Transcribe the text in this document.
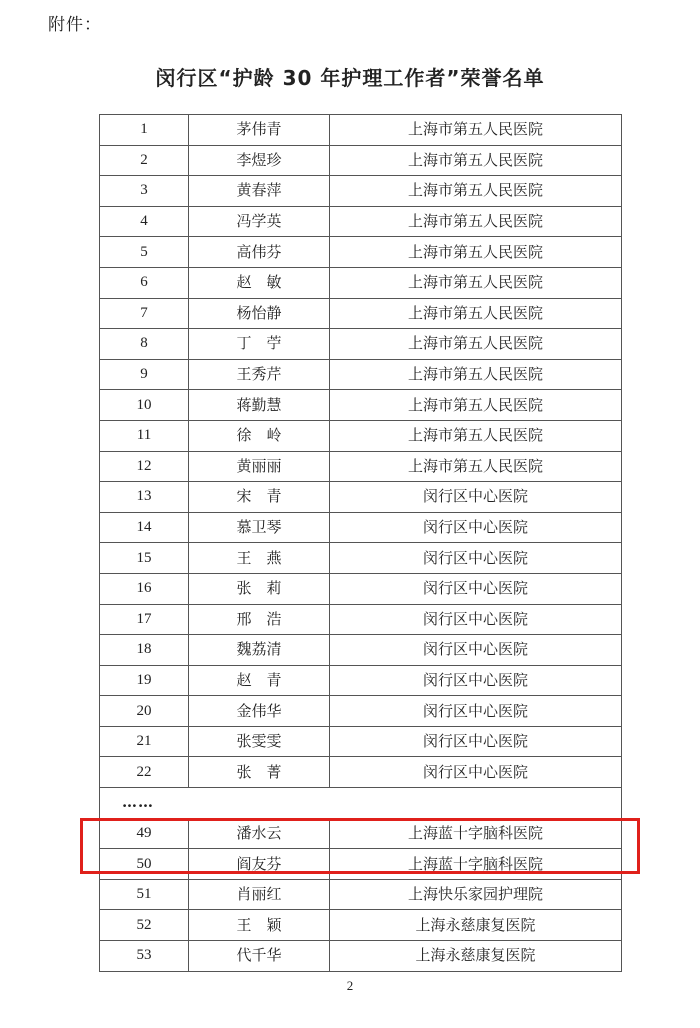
附件：
闵行区“护龄 30 年护理工作者”荣誉名单
1	茅伟青	上海市第五人民医院
2	李煜珍	上海市第五人民医院
3	黄春萍	上海市第五人民医院
4	冯学英	上海市第五人民医院
5	高伟芬	上海市第五人民医院
6	赵　敏	上海市第五人民医院
7	杨怡静	上海市第五人民医院
8	丁　苧	上海市第五人民医院
9	王秀芹	上海市第五人民医院
10	蒋勤慧	上海市第五人民医院
11	徐　岭	上海市第五人民医院
12	黄丽丽	上海市第五人民医院
13	宋　青	闵行区中心医院
14	慕卫琴	闵行区中心医院
15	王　燕	闵行区中心医院
16	张　莉	闵行区中心医院
17	邢　浩	闵行区中心医院
18	魏荔清	闵行区中心医院
19	赵　青	闵行区中心医院
20	金伟华	闵行区中心医院
21	张雯雯	闵行区中心医院
22	张　菁	闵行区中心医院
……		
49	潘水云	上海蓝十字脑科医院
50	阎友芬	上海蓝十字脑科医院
51	肖丽红	上海快乐家园护理院
52	王　颖	上海永慈康复医院
53	代千华	上海永慈康复医院
2
